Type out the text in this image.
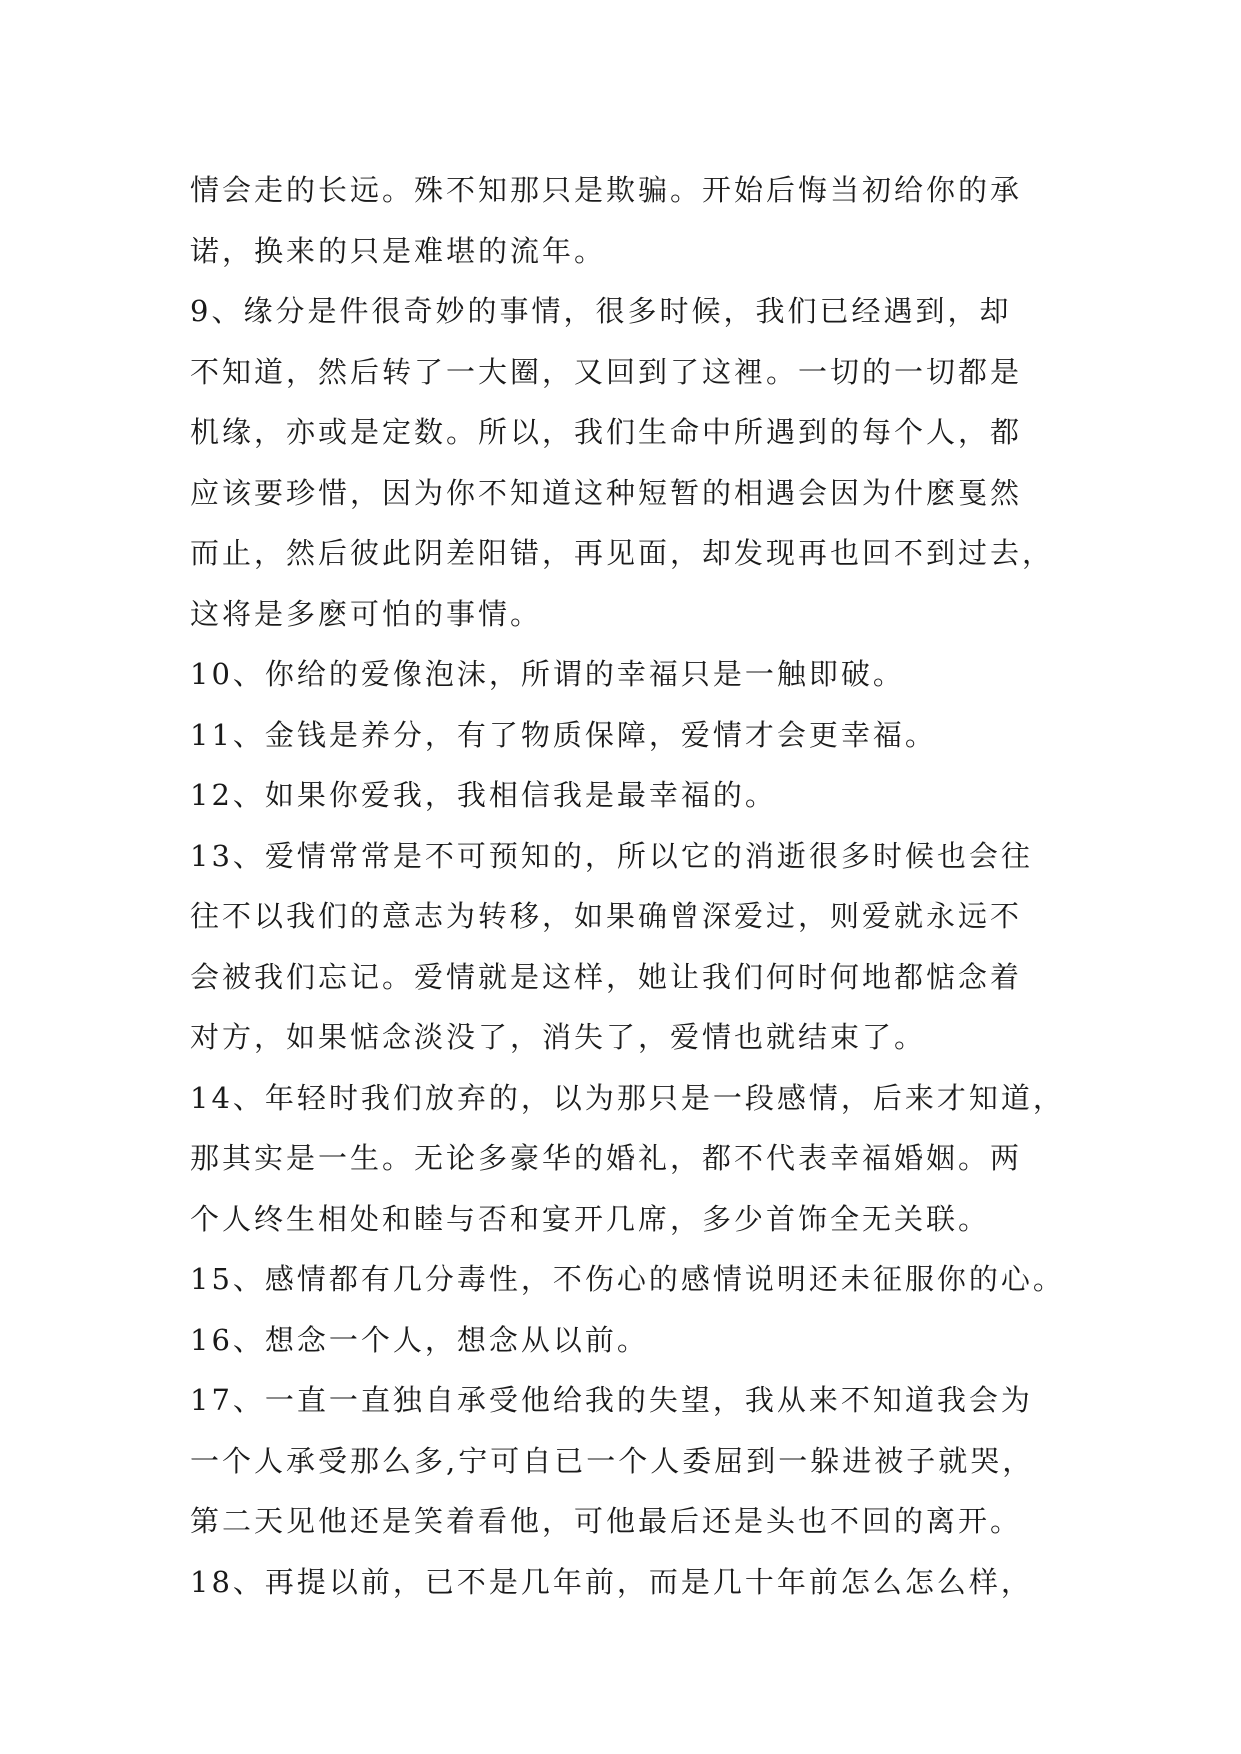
情会走的长远。殊不知那只是欺骗。开始后悔当初给你的承
诺，换来的只是难堪的流年。
9、缘分是件很奇妙的事情，很多时候，我们已经遇到，却
不知道，然后转了一大圈，又回到了这裡。一切的一切都是
机缘，亦或是定数。所以，我们生命中所遇到的每个人，都
应该要珍惜，因为你不知道这种短暂的相遇会因为什麽戛然
而止，然后彼此阴差阳错，再见面，却发现再也回不到过去，
这将是多麽可怕的事情。
10、你给的爱像泡沫，所谓的幸福只是一触即破。
11、金钱是养分，有了物质保障，爱情才会更幸福。
12、如果你爱我，我相信我是最幸福的。
13、爱情常常是不可预知的，所以它的消逝很多时候也会往
往不以我们的意志为转移，如果确曾深爱过，则爱就永远不
会被我们忘记。爱情就是这样，她让我们何时何地都惦念着
对方，如果惦念淡没了，消失了，爱情也就结束了。
14、年轻时我们放弃的，以为那只是一段感情，后来才知道，
那其实是一生。无论多豪华的婚礼，都不代表幸福婚姻。两
个人终生相处和睦与否和宴开几席，多少首饰全无关联。
15、感情都有几分毒性，不伤心的感情说明还未征服你的心。
16、想念一个人，想念从以前。
17、一直一直独自承受他给我的失望，我从来不知道我会为
一个人承受那么多,宁可自已一个人委屈到一躲进被子就哭，
第二天见他还是笑着看他，可他最后还是头也不回的离开。
18、再提以前，已不是几年前，而是几十年前怎么怎么样，
